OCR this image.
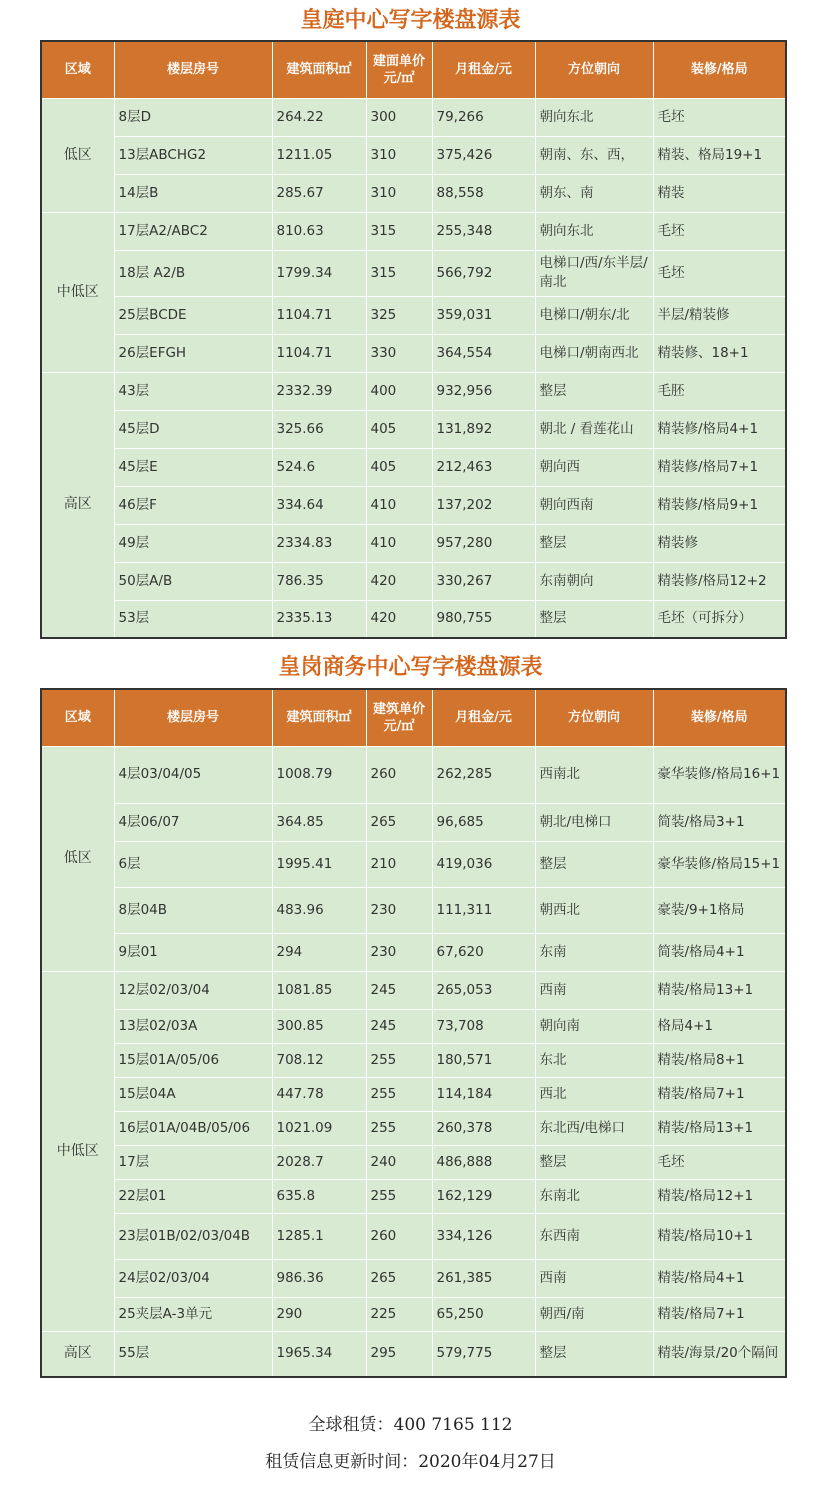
皇庭中心写字楼盘源表
区域	楼层房号	建筑面积㎡	建面单价元/㎡	月租金/元	方位朝向	装修/格局
低区	8层D	264.22	300	79,266	朝向东北	毛坯
	13层ABCHG2	1211.05	310	375,426	朝南、东、西，	精装、格局19+1
	14层B	285.67	310	88,558	朝东、南	精装
中低区	17层A2/ABC2	810.63	315	255,348	朝向东北	毛坯
	18层 A2/B	1799.34	315	566,792	电梯口/西/东半层/南北	毛坯
	25层BCDE	1104.71	325	359,031	电梯口/朝东/北	半层/精装修
	26层EFGH	1104.71	330	364,554	电梯口/朝南西北	精装修、18+1
高区	43层	2332.39	400	932,956	整层	毛胚
	45层D	325.66	405	131,892	朝北 / 看莲花山	精装修/格局4+1
	45层E	524.6	405	212,463	朝向西	精装修/格局7+1
	46层F	334.64	410	137,202	朝向西南	精装修/格局9+1
	49层	2334.83	410	957,280	整层	精装修
	50层A/B	786.35	420	330,267	东南朝向	精装修/格局12+2
	53层	2335.13	420	980,755	整层	毛坯（可拆分）
皇岗商务中心写字楼盘源表
区域	楼层房号	建筑面积㎡	建筑单价元/㎡	月租金/元	方位朝向	装修/格局
低区	4层03/04/05	1008.79	260	262,285	西南北	豪华装修/格局16+1
	4层06/07	364.85	265	96,685	朝北/电梯口	简装/格局3+1
	6层	1995.41	210	419,036	整层	豪华装修/格局15+1
	8层04B	483.96	230	111,311	朝西北	豪装/9+1格局
	9层01	294	230	67,620	东南	简装/格局4+1
中低区	12层02/03/04	1081.85	245	265,053	西南	精装/格局13+1
	13层02/03A	300.85	245	73,708	朝向南	格局4+1
	15层01A/05/06	708.12	255	180,571	东北	精装/格局8+1
	15层04A	447.78	255	114,184	西北	精装/格局7+1
	16层01A/04B/05/06	1021.09	255	260,378	东北西/电梯口	精装/格局13+1
	17层	2028.7	240	486,888	整层	毛坯
	22层01	635.8	255	162,129	东南北	精装/格局12+1
	23层01B/02/03/04B	1285.1	260	334,126	东西南	精装/格局10+1
	24层02/03/04	986.36	265	261,385	西南	精装/格局4+1
	25夹层A-3单元	290	225	65,250	朝西/南	精装/格局7+1
高区	55层	1965.34	295	579,775	整层	精装/海景/20个隔间
全球租赁：400 7165 112
租赁信息更新时间：2020年04月27日
